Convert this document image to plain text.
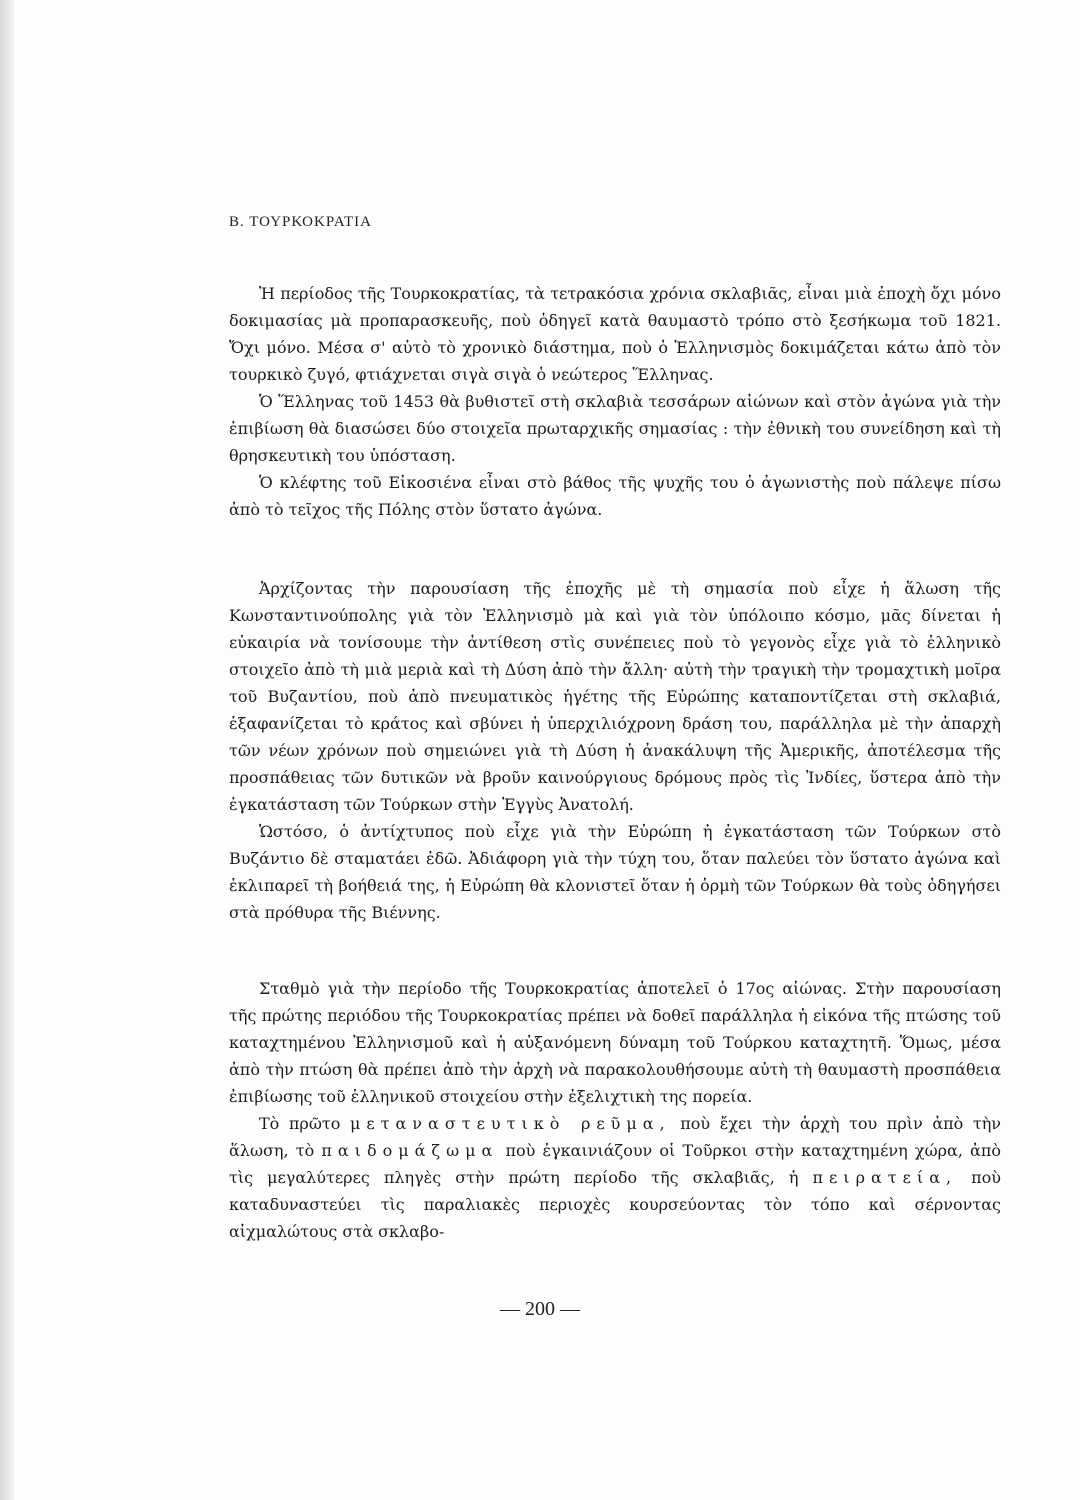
Β. ΤΟΥΡΚΟΚΡΑΤΙΑ

Ἡ περίοδος τῆς Τουρκοκρατίας, τὰ τετρακόσια χρόνια σκλαβιᾶς, εἶναι μιὰ ἐποχὴ ὄχι μόνο δοκιμασίας μὰ προπαρασκευῆς, ποὺ ὁδηγεῖ κατὰ θαυμαστὸ τρόπο στὸ ξεσήκωμα τοῦ 1821. Ὄχι μόνο. Μέσα σ' αὐτὸ τὸ χρονικὸ διάστημα, ποὺ ὁ Ἑλληνισμὸς δοκιμάζεται κάτω ἀπὸ τὸν τουρκικὸ ζυγό, φτιάχνεται σιγὰ σιγὰ ὁ νεώτερος Ἕλληνας.

Ὁ Ἕλληνας τοῦ 1453 θὰ βυθιστεῖ στὴ σκλαβιὰ τεσσάρων αἰώνων καὶ στὸν ἀγώνα γιὰ τὴν ἐπιβίωση θὰ διασώσει δύο στοιχεῖα πρωταρχικῆς σημασίας : τὴν ἐθνικὴ του συνείδηση καὶ τὴ θρησκευτικὴ του ὑπόσταση.

Ὁ κλέφτης τοῦ Εἰκοσιένα εἶναι στὸ βάθος τῆς ψυχῆς του ὁ ἀγωνιστὴς ποὺ πάλεψε πίσω ἀπὸ τὸ τεῖχος τῆς Πόλης στὸν ὕστατο ἀγώνα.

Ἀρχίζοντας τὴν παρουσίαση τῆς ἐποχῆς μὲ τὴ σημασία ποὺ εἶχε ἡ ἅλωση τῆς Κωνσταντινούπολης γιὰ τὸν Ἑλληνισμὸ μὰ καὶ γιὰ τὸν ὑπόλοιπο κόσμο, μᾶς δίνεται ἡ εὐκαιρία νὰ τονίσουμε τὴν ἀντίθεση στὶς συνέπειες ποὺ τὸ γεγονὸς εἶχε γιὰ τὸ ἑλληνικὸ στοιχεῖο ἀπὸ τὴ μιὰ μεριὰ καὶ τὴ Δύση ἀπὸ τὴν ἄλλη· αὐτὴ τὴν τραγικὴ τὴν τρομαχτικὴ μοῖρα τοῦ Βυζαντίου, ποὺ ἀπὸ πνευματικὸς ἡγέτης τῆς Εὐρώπης καταποντίζεται στὴ σκλαβιά, ἐξαφανίζεται τὸ κράτος καὶ σβύνει ἡ ὑπερχιλιόχρονη δράση του, παράλληλα μὲ τὴν ἀπαρχὴ τῶν νέων χρόνων ποὺ σημειώνει γιὰ τὴ Δύση ἡ ἀνακάλυψη τῆς Ἀμερικῆς, ἀποτέλεσμα τῆς προσπάθειας τῶν δυτικῶν νὰ βροῦν καινούργιους δρόμους πρὸς τὶς Ἰνδίες, ὕστερα ἀπὸ τὴν ἐγκατάσταση τῶν Τούρκων στὴν Ἐγγὺς Ἀνατολή.

Ὡστόσο, ὁ ἀντίχτυπος ποὺ εἶχε γιὰ τὴν Εὐρώπη ἡ ἐγκατάσταση τῶν Τούρκων στὸ Βυζάντιο δὲ σταματάει ἐδῶ. Ἀδιάφορη γιὰ τὴν τύχη του, ὅταν παλεύει τὸν ὕστατο ἀγώνα καὶ ἐκλιπαρεῖ τὴ βοήθειά της, ἡ Εὐρώπη θὰ κλονιστεῖ ὅταν ἡ ὁρμὴ τῶν Τούρκων θὰ τοὺς ὁδηγήσει στὰ πρόθυρα τῆς Βιέννης.

Σταθμὸ γιὰ τὴν περίοδο τῆς Τουρκοκρατίας ἀποτελεῖ ὁ 17ος αἰώνας. Στὴν παρουσίαση τῆς πρώτης περιόδου τῆς Τουρκοκρατίας πρέπει νὰ δοθεῖ παράλληλα ἡ εἰκόνα τῆς πτώσης τοῦ καταχτημένου Ἑλληνισμοῦ καὶ ἡ αὐξανόμενη δύναμη τοῦ Τούρκου καταχτητῆ. Ὅμως, μέσα ἀπὸ τὴν πτώση θὰ πρέπει ἀπὸ τὴν ἀρχὴ νὰ παρακολουθήσουμε αὐτὴ τὴ θαυμαστὴ προσπάθεια ἐπιβίωσης τοῦ ἑλληνικοῦ στοιχείου στὴν ἐξελιχτικὴ της πορεία.

Τὸ πρῶτο μεταναστευτικὸ ρεῦμα, ποὺ ἔχει τὴν ἀρχὴ του πρὶν ἀπὸ τὴν ἅλωση, τὸ παιδομάζωμα ποὺ ἐγκαινιάζουν οἱ Τοῦρκοι στὴν καταχτημένη χώρα, ἀπὸ τὶς μεγαλύτερες πληγὲς στὴν πρώτη περίοδο τῆς σκλαβιᾶς, ἡ πειρατεία, ποὺ καταδυναστεύει τὶς παραλιακὲς περιοχὲς κουρσεύοντας τὸν τόπο καὶ σέρνοντας αἰχμαλώτους στὰ σκλαβο-

— 200 —
